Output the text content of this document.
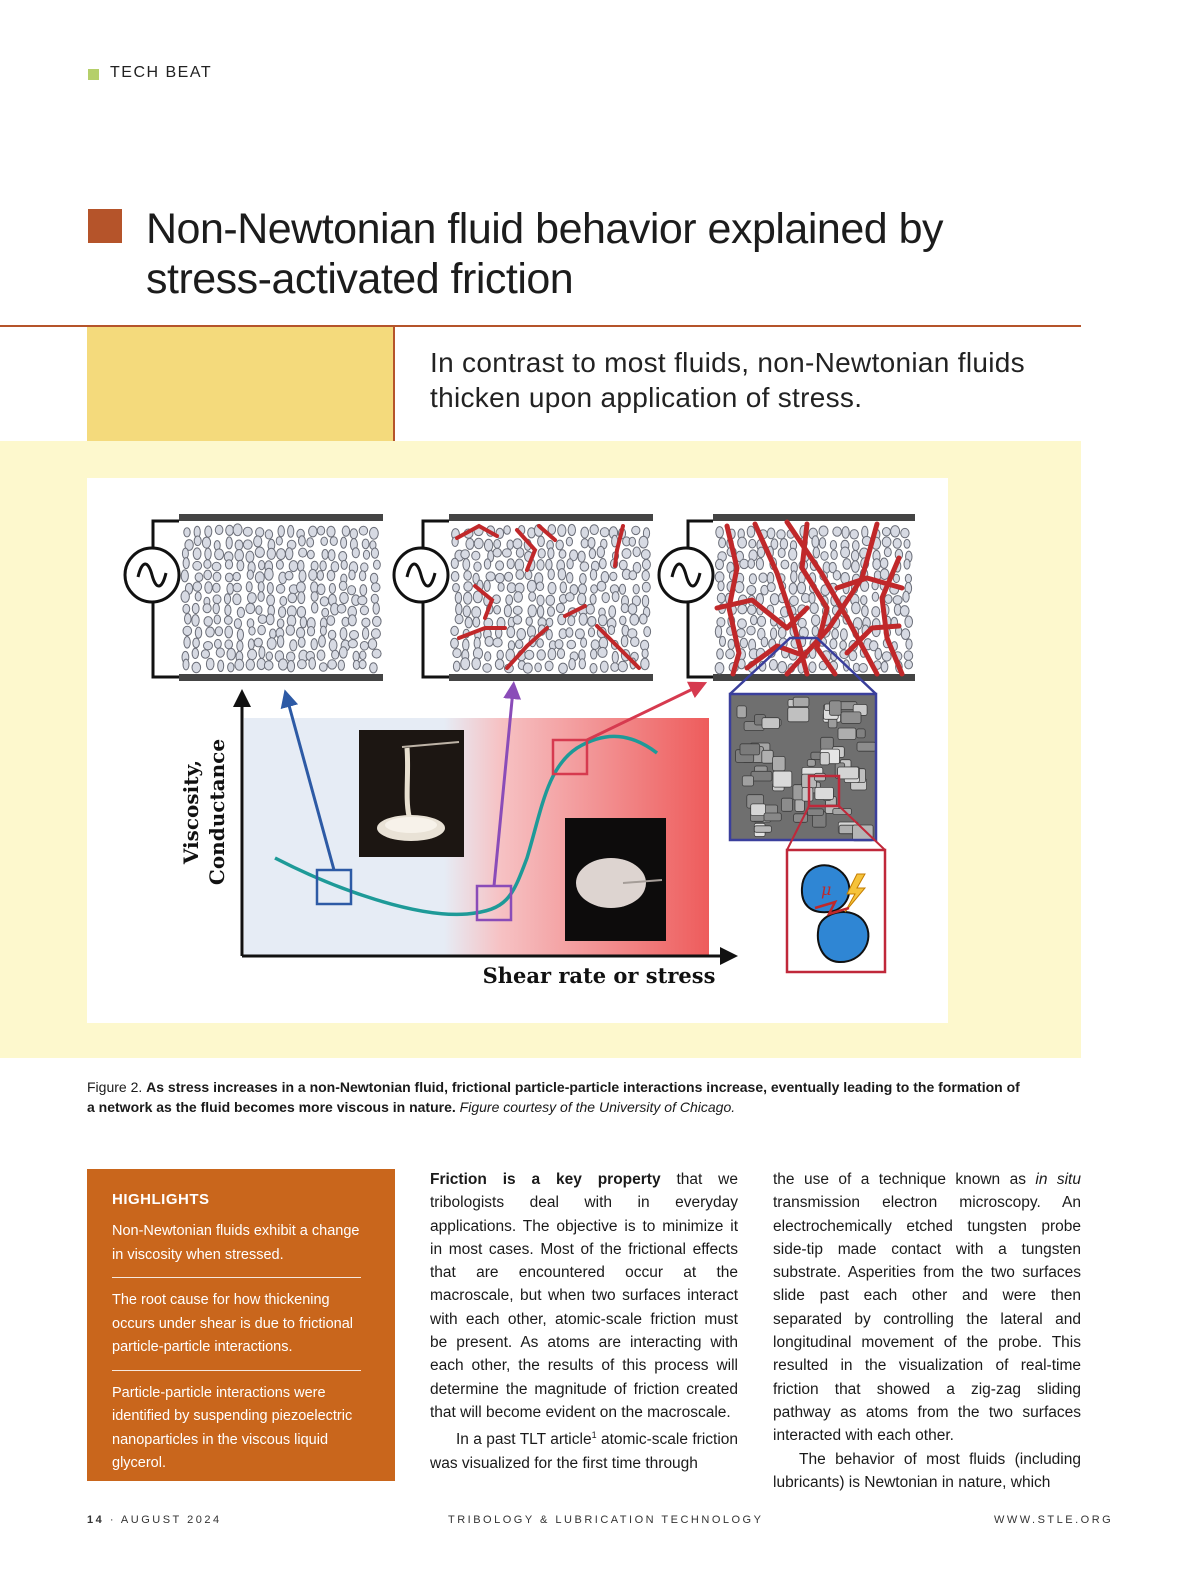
TECH BEAT
Non-Newtonian fluid behavior explained by stress-activated friction
In contrast to most fluids, non-Newtonian fluids thicken upon application of stress.
Viscosity, Conductance
Shear rate or stress
μ
Figure 2. As stress increases in a non-Newtonian fluid, frictional particle-particle interactions increase, eventually leading to the formation of a network as the fluid becomes more viscous in nature. Figure courtesy of the University of Chicago.
HIGHLIGHTS
Non-Newtonian fluids exhibit a change in viscosity when stressed.
The root cause for how thickening occurs under shear is due to frictional particle-particle interactions.
Particle-particle interactions were identified by suspending piezoelectric nanoparticles in the viscous liquid glycerol.

Friction is a key property that we tribologists deal with in everyday applications. The objective is to minimize it in most cases. Most of the frictional effects that are encountered occur at the macroscale, but when two surfaces interact with each other, atomic-scale friction must be present. As atoms are interacting with each other, the results of this process will determine the magnitude of friction created that will become evident on the macroscale.

In a past TLT article$^1$ atomic-scale friction was visualized for the first time through

the use of a technique known as in situ transmission electron microscopy. An electrochemically etched tungsten probe side-tip made contact with a tungsten substrate. Asperities from the two surfaces slide past each other and were then separated by controlling the lateral and longitudinal movement of the probe. This resulted in the visualization of real-time friction that showed a zig-zag sliding pathway as atoms from the two surfaces interacted with each other.

The behavior of most fluids (including lubricants) is Newtonian in nature, which

14 · AUGUST 2024	TRIBOLOGY & LUBRICATION TECHNOLOGY	WWW.STLE.ORG
